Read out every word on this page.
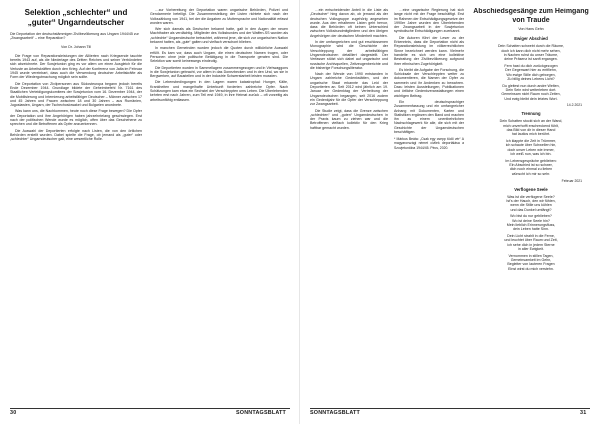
Selektion „schlechter“ und „guter“ Ungarndeutscher
Die Deportation der deutschstämmigen Zivilbevölkerung aus Ungarn 1944/45 zur „Zwangsarbeit“ – eine Reparation?
Von Dr. Johann Till

Die Frage von Reparationsleistungen der Alliierten nach Kriegsende tauchte bereits 1943 auf, als die Niederlage des Dritten Reiches und seiner Verbündeten sich abzeichnete. Der Sowjetunion ging es vor allem um einen Ausgleich für die Verluste an Arbeitskräften durch den Krieg. Auf der Konferenz von Jalta im Februar 1945 wurde vereinbart, dass auch die Verwendung deutscher Arbeitskräfte als Form der Wiedergutmachung möglich sein sollte.

Die Deportation von Zivilpersonen aus Südosteuropa begann jedoch bereits Ende Dezember 1944. Grundlage bildete der Geheimbefehl Nr. 7161 des Staatlichen Verteidigungskomitees der Sowjetunion vom 16. Dezember 1944, der die Mobilisierung und Internierung arbeitsfähiger Deutscher – Männer zwischen 17 und 45 Jahren und Frauen zwischen 18 und 30 Jahren – aus Rumänien, Jugoslawien, Ungarn, der Tschechoslowakei und Bulgarien anordnete.

Was kann uns, die Nachkommen, heute noch diese Frage bewegen? Die Opfer der Deportation und ihre Angehörigen haben jahrzehntelang geschwiegen. Erst nach der politischen Wende wurde es möglich, offen über das Geschehene zu sprechen und die Betroffenen als Opfer anzuerkennen.

Die Auswahl der Deportierten erfolgte nach Listen, die von den örtlichen Behörden erstellt wurden. Dabei spielte die Frage, ob jemand als „guter“ oder „schlechter“ Ungarndeutscher galt, eine wesentliche Rolle.

…zur Vorbereitung der Deportation waren ungarische Behörden, Polizei und Gendarmerie beteiligt. Die Zusammenstellung der Listen richtete sich nach der Volkszählung von 1941, bei der die Angaben zu Muttersprache und Nationalität erfasst worden waren.

Wer sich damals als Deutscher bekannt hatte, galt in den Augen der neuen Machthaber als verdächtig. Mitglieder des Volksbundes und der Waffen-SS wurden als „schlechte“ Ungarndeutsche betrachtet, während jene, die sich zur ungarischen Nation bekannt hatten, als „gute“ galten und vielfach verschont blieben.

In manchen Gemeinden wurden jedoch die Quoten durch willkürliche Auswahl erfüllt. Es kam vor, dass auch Ungarn, die einen deutschen Namen trugen, oder Personen ohne jede politische Betätigung in die Transporte geraten sind. Die Selektion war somit keineswegs eindeutig.

Die Deportierten wurden in Sammellagern zusammengezogen und in Viehwaggons in die Sowjetunion gebracht, vor allem in das Donezbecken und in den Ural, wo sie in Bergwerken, auf Baustellen und in der Industrie Schwerstarbeit leisten mussten.

Die Lebensbedingungen in den Lagern waren katastrophal: Hunger, Kälte, Krankheiten und mangelhafte Unterkunft forderten zahlreiche Opfer. Nach Schätzungen kam etwa ein Sechstel der Verschleppten ums Leben. Die Überlebenden kehrten erst nach Jahren, zum Teil erst 1949, in ihre Heimat zurück – oft vorzeitig als arbeitsunfähig entlassen.

30	SONNTAGSBLATT

…ein entscheidender Anteil in die Liste als „Deutscher“ hing davon ab, ob jemand als der deutschen Volksgruppe zugehörig angesehen wurde. Aus den erhaltenen Listen geht hervor, dass die Behörden oft keinen Unterschied zwischen Volksbundmitgliedern und den übrigen Angehörigen der deutschen Minderheit machten.

In der umfangreichen und gut erschlossenen Monographie wird die Geschichte der Verschleppung der arbeitsfähigen Ungarndeutschen detailliert dargestellt. Der Verfasser stützt sich dabei auf ungarische und russische Archivquellen, Zeitzeugenberichte und die bisherige Forschungsliteratur.

Nach der Wende von 1990 entstanden in Ungarn zahlreiche Gedenkstätten, und der ungarische Staat erkannte das Leid der Deportierten an. Seit 2012 wird jährlich am 19. Januar der Gedenktag der Vertreibung der Ungarndeutschen begangen, seit 2016 zudem ein Gedenkjahr für die Opfer der Verschleppung zur Zwangsarbeit.

Die Studie zeigt, dass die Grenze zwischen „schlechten“ und „guten“ Ungarndeutschen in der Praxis kaum zu ziehen war und die Betroffenen vielfach kollektiv für den Krieg haftbar gemacht wurden.

…eine ungarische Regierung hat sich lange nicht mit der Frage beschäftigt. Erst im Rahmen der Entschädigungsgesetze der 1990er Jahre wurden den Überlebenden der Zwangsarbeit in der Sowjetunion symbolische Entschädigungen zuerkannt.

Die Autoren führt der Leser zu der Erkenntnis, dass die Deportation nicht als Reparationsleistung im völkerrechtlichen Sinne bezeichnet werden kann. Vielmehr handelte es sich um eine kollektive Bestrafung der Zivilbevölkerung aufgrund ihrer ethnischen Zugehörigkeit.

Es bleibt die Aufgabe der Forschung, die Schicksale der Verschleppten weiter zu dokumentieren, die Namen der Opfer zu sammeln und ihr Andenken zu bewahren. Dazu leisten Ausstellungen, Publikationen und örtliche Gedenkveranstaltungen einen wichtigen Beitrag.

Ein deutschsprachiger Zusammenfassung und ein umfangreicher Anhang mit Dokumenten, Karten und Statistiken ergänzen den Band und machen ihn zu einem unentbehrlichen Nachschlagewerk für alle, die sich mit der Geschichte der Ungarndeutschen beschäftigen.

* Márkus Beáta: „Csak egy csepp tüdő vér“ A magyarországi német civilek deportálása a Szovjetunióba 1944/45. Pécs, 2020.
SONNTAGSBLATT	31
Abschiedsgesänge zum Heimgang von Traude
Von Hans Gehn
Ewiger Abschied
Dein Schatten schwebt durch die Räume,
doch ich kann dich nicht mehr sehen,
in Nachen ruhst du unser Träume,
deine Präsenz ist sanft ergangen.
Fern hast du dich zurückgezogen
Der Gegenwart hier zu entfliehn,
Wo ewige Stille dich geborgen,
Zu billig deines Lebens Licht?
Du gleitest nun durch andre Welten,
Dein Sein wird weiterleben dort.
Gemeinsam nicht Raum noch Zeiten,
Und ewig bleibt dein letztes Wort.
14.2.2021
Trennung
Dein Schatten stockt sich an der Wand,
mich unverhofft erschreckend fühlt,
das Bild von dir in dieser Hand
hat lautlos mich berührt.
Ich klappte die Zeit in Trümmer,
ich schaute über Schwellen hin,
doch unser Leben wie immer,
ich weiß nun, was ich bin.
Im Lebensgespräche geblieben:
Ein Abschied ist so schwer,
dich noch einmal zu lieben
wünscht ich mir so sehr.
Februar 2021
Verflogene Seele
Was ist die verflogene Seele?
Ist's der Hauch, den wir fühlen,
wenn die Stille uns kühlen
und das Dunkel umfängt?
Wo bist du nur geblieben?
Wo ist deine Seele hin?
Mein lieblich Erinnerungsfluss,
dein Leben hatte Sinn.
Dein Licht strahlt in die Ferne,
und leuchtet über Raum und Zeit,
ich sehe dich in jedem Sterne
in aller Ewigkeit.
Vernommen in stillen Tagen,
Gemeinsamkeit im Gehn,
Begleiter von lauteren Fragen
Einst wirst du mich verstehn.
